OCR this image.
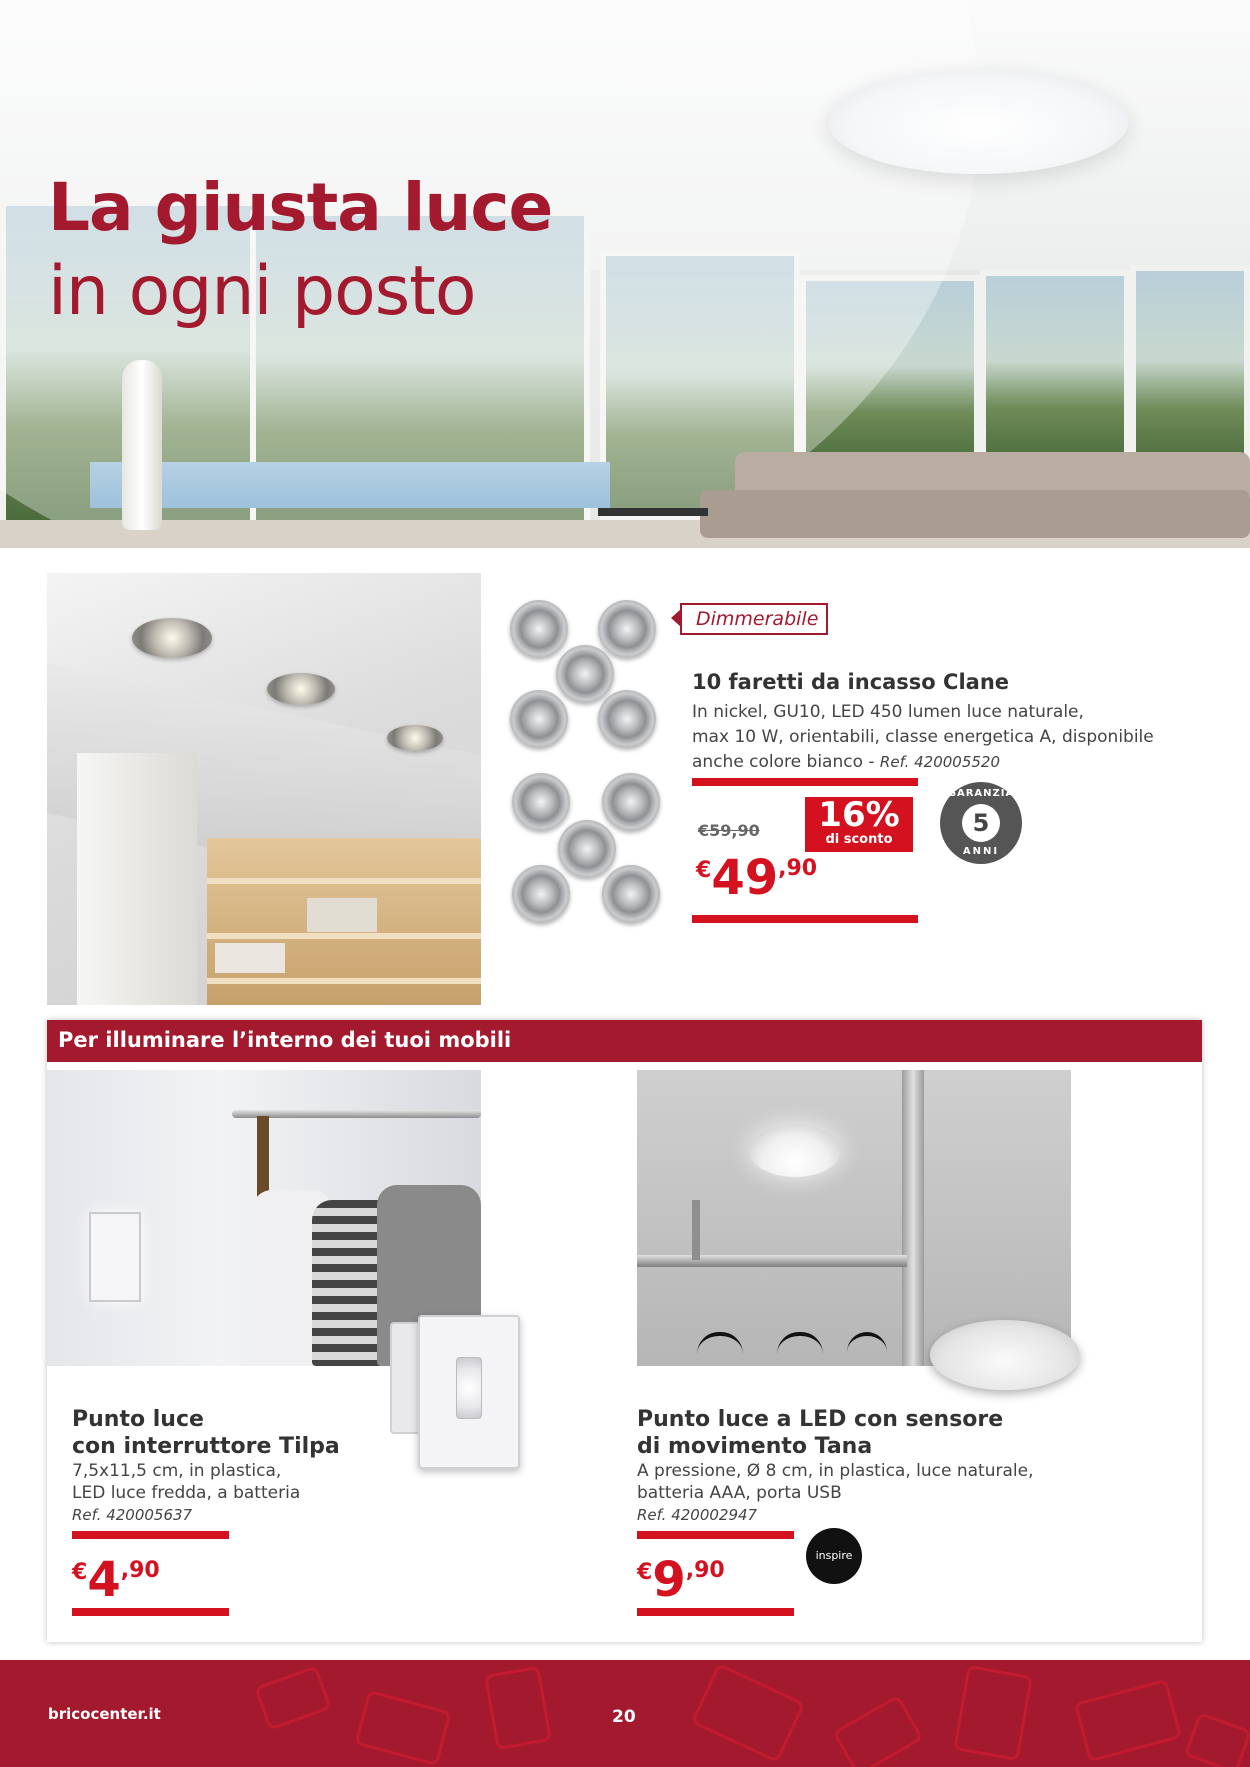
La giusta luce
in ogni posto
Dimmerabile
10 faretti da incasso Clane
In nickel, GU10, LED 450 lumen luce naturale,
max 10 W, orientabili, classe energetica A, disponibile
anche colore bianco - Ref. 420005520
€59,90	16%
di sconto
GARANZIA
5
ANNI
€49,90
Per illuminare l’interno dei tuoi mobili
Punto luce
con interruttore Tilpa
7,5x11,5 cm, in plastica,
LED luce fredda, a batteria
Ref. 420005637
€4,90
Punto luce a LED con sensore
di movimento Tana
A pressione, Ø 8 cm, in plastica, luce naturale,
batteria AAA, porta USB
Ref. 420002947
€9,90
inspire
bricocenter.it	20
